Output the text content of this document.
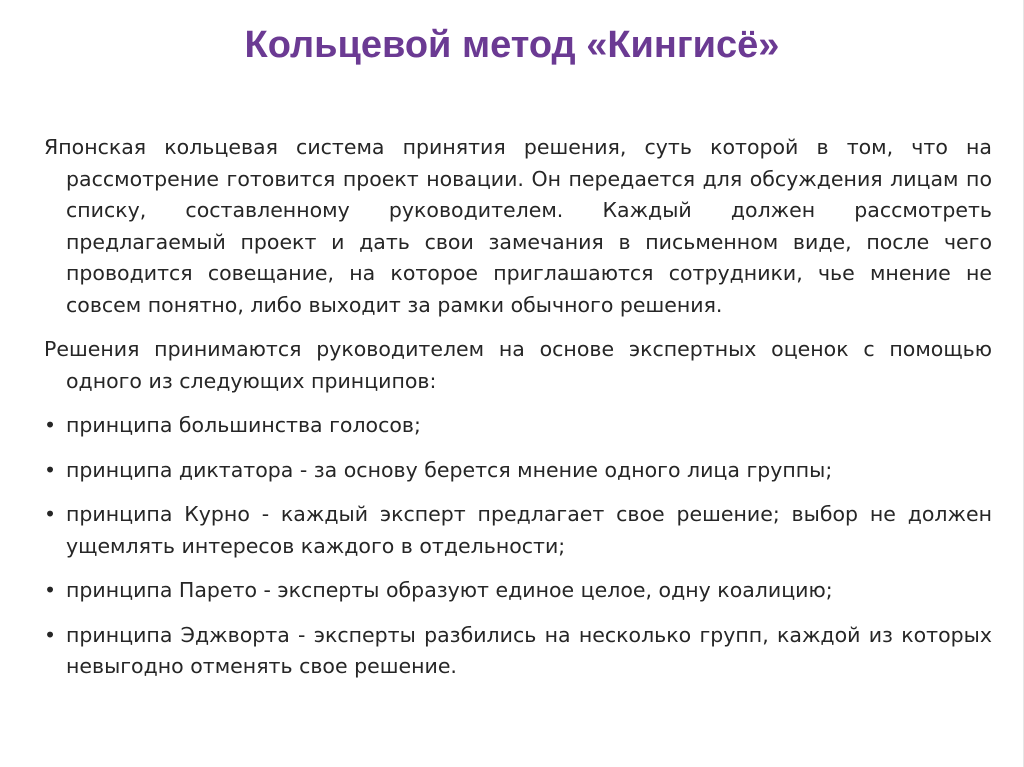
Кольцевой метод «Кингисё»

Японская кольцевая система принятия решения, суть которой в том, что на рассмотрение готовится проект новации. Он передается для обсуждения лицам по списку, составленному руководителем. Каждый должен рассмотреть предлагаемый проект и дать свои замечания в письменном виде, после чего проводится совещание, на которое приглашаются сотрудники, чье мнение не совсем понятно, либо выходит за рамки обычного решения.

Решения принимаются руководителем на основе экспертных оценок с помощью одного из следующих принципов:

• принципа большинства голосов;
• принципа диктатора - за основу берется мнение одного лица группы;
• принципа Курно - каждый эксперт предлагает свое решение; выбор не должен ущемлять интересов каждого в отдельности;
• принципа Парето - эксперты образуют единое целое, одну коалицию;
• принципа Эджворта - эксперты разбились на несколько групп, каждой из которых невыгодно отменять свое решение.
